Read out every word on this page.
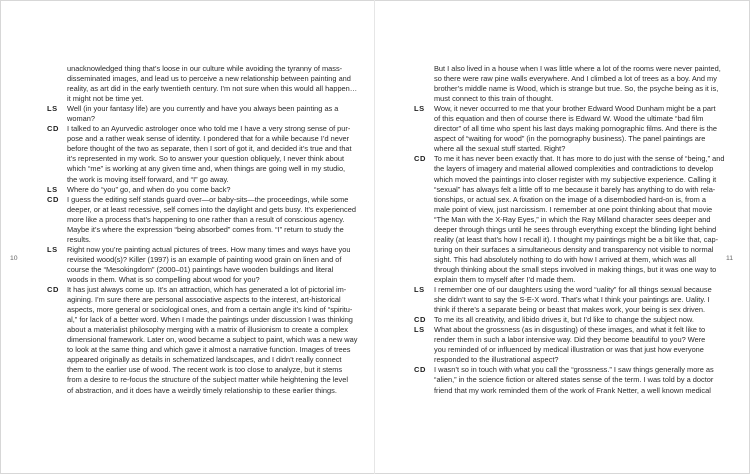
10	11
unacknowledged thing that’s loose in our culture while avoiding the tyranny of mass-
disseminated images, and lead us to perceive a new relationship between painting and
reality, as art did in the early twentieth century. I’m not sure when this would all happen…
it might not be time yet.
LS Well (in your fantasy life) are you currently and have you always been painting as a
woman?
CD I talked to an Ayurvedic astrologer once who told me I have a very strong sense of pur-
pose and a rather weak sense of identity. I pondered that for a while because I’d never
before thought of the two as separate, then I sort of got it, and decided it’s true and that
it’s represented in my work. So to answer your question obliquely, I never think about
which “me” is working at any given time and, when things are going well in my studio,
the work is moving itself forward, and “I” go away.
LS Where do “you” go, and when do you come back?
CD I guess the editing self stands guard over—or baby-sits—the proceedings, while some
deeper, or at least recessive, self comes into the daylight and gets busy. It’s experienced
more like a process that’s happening to one rather than a result of conscious agency.
Maybe it’s where the expression “being absorbed” comes from. “I” return to study the
results.
LS Right now you’re painting actual pictures of trees. How many times and ways have you
revisited wood(s)? Killer (1997) is an example of painting wood grain on linen and of
course the “Mesokingdom” (2000–01) paintings have wooden buildings and literal
woods in them. What is so compelling about wood for you?
CD It has just always come up. It’s an attraction, which has generated a lot of pictorial im-
agining. I’m sure there are personal associative aspects to the interest, art-historical
aspects, more general or sociological ones, and from a certain angle it’s kind of “spiritu-
al,” for lack of a better word. When I made the paintings under discussion I was thinking
about a materialist philosophy merging with a matrix of illusionism to create a complex
dimensional framework. Later on, wood became a subject to paint, which was a new way
to look at the same thing and which gave it almost a narrative function. Images of trees
appeared originally as details in schematized landscapes, and I didn’t really connect
them to the earlier use of wood. The recent work is too close to analyze, but it stems
from a desire to re-focus the structure of the subject matter while heightening the level
of abstraction, and it does have a weirdly timely relationship to these earlier things.
But I also lived in a house when I was little where a lot of the rooms were never painted,
so there were raw pine walls everywhere. And I climbed a lot of trees as a boy. And my
brother’s middle name is Wood, which is strange but true. So, the psyche being as it is,
must connect to this train of thought.
LS Wow, it never occurred to me that your brother Edward Wood Dunham might be a part
of this equation and then of course there is Edward W. Wood the ultimate “bad film
director” of all time who spent his last days making pornographic films. And there is the
aspect of “waiting for wood” (in the pornography business). The panel paintings are
where all the sexual stuff started. Right?
CD To me it has never been exactly that. It has more to do just with the sense of “being,” and
the layers of imagery and material allowed complexities and contradictions to develop
which moved the paintings into closer register with my subjective experience. Calling it
“sexual” has always felt a little off to me because it barely has anything to do with rela-
tionships, or actual sex. A fixation on the image of a disembodied hard-on is, from a
male point of view, just narcissism. I remember at one point thinking about that movie
“The Man with the X-Ray Eyes,” in which the Ray Milland character sees deeper and
deeper through things until he sees through everything except the blinding light behind
reality (at least that’s how I recall it). I thought my paintings might be a bit like that, cap-
turing on their surfaces a simultaneous density and transparency not visible to normal
sight. This had absolutely nothing to do with how I arrived at them, which was all
through thinking about the small steps involved in making things, but it was one way to
explain them to myself after I’d made them.
LS I remember one of our daughters using the word “uality” for all things sexual because
she didn’t want to say the S-E-X word. That’s what I think your paintings are. Uality. I
think if there’s a separate being or beast that makes work, your being is sex driven.
CD To me its all creativity, and libido drives it, but I’d like to change the subject now.
LS What about the grossness (as in disgusting) of these images, and what it felt like to
render them in such a labor intensive way. Did they become beautiful to you? Were
you reminded of or influenced by medical illustration or was that just how everyone
responded to the illustrational aspect?
CD I wasn’t so in touch with what you call the “grossness.” I saw things generally more as
“alien,” in the science fiction or altered states sense of the term. I was told by a doctor
friend that my work reminded them of the work of Frank Netter, a well known medical
